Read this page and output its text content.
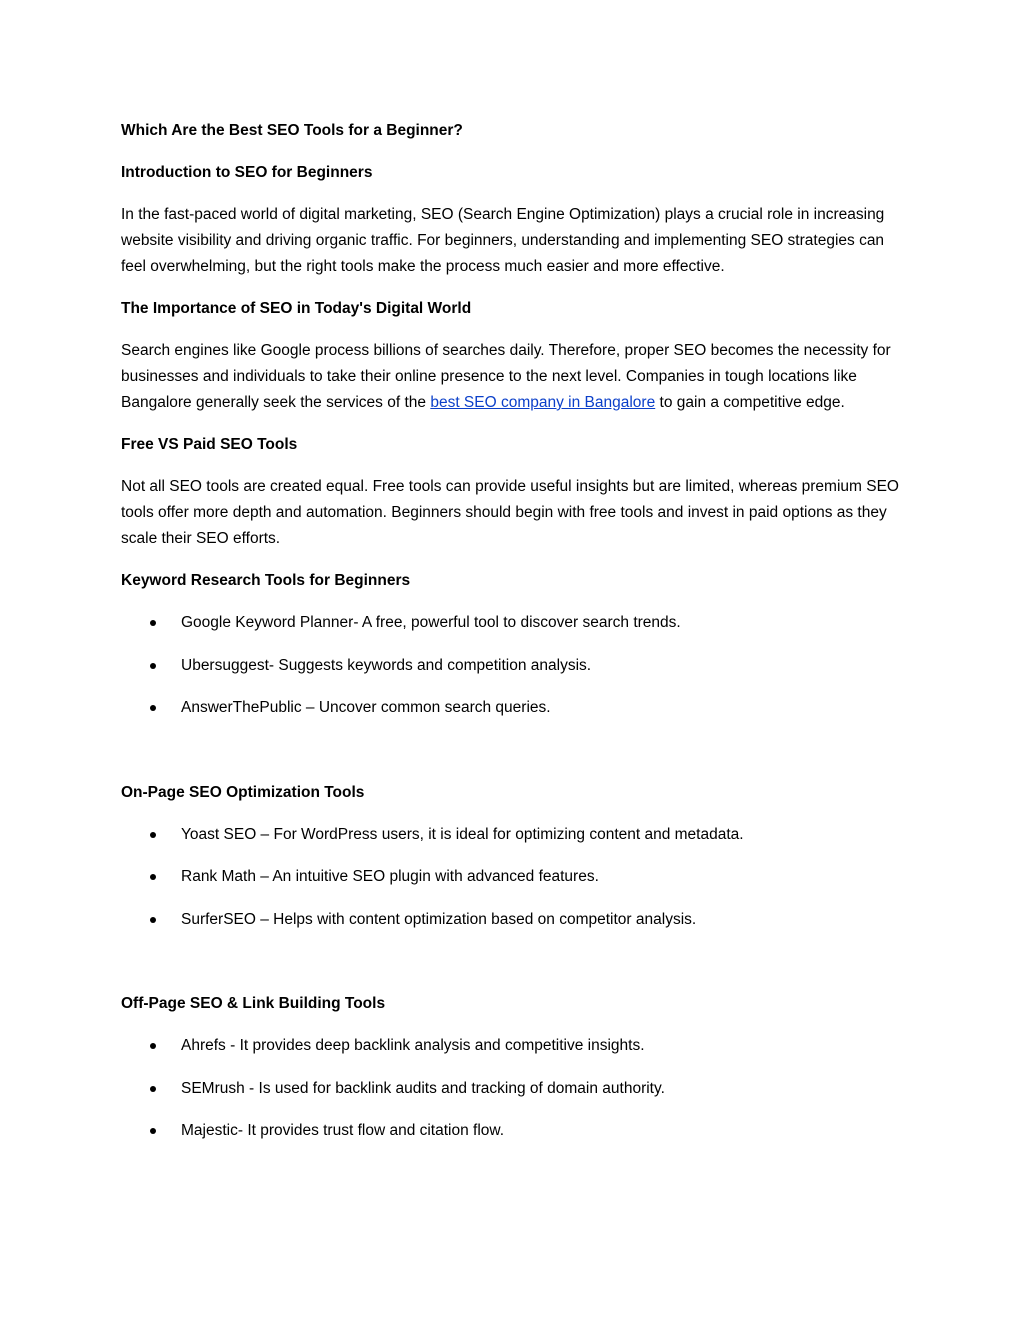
Which Are the Best SEO Tools for a Beginner?
Introduction to SEO for Beginners
In the fast-paced world of digital marketing, SEO (Search Engine Optimization) plays a crucial role in increasing website visibility and driving organic traffic. For beginners, understanding and implementing SEO strategies can feel overwhelming, but the right tools make the process much easier and more effective.
The Importance of SEO in Today's Digital World
Search engines like Google process billions of searches daily. Therefore, proper SEO becomes the necessity for businesses and individuals to take their online presence to the next level. Companies in tough locations like Bangalore generally seek the services of the best SEO company in Bangalore to gain a competitive edge.
Free VS Paid SEO Tools
Not all SEO tools are created equal. Free tools can provide useful insights but are limited, whereas premium SEO tools offer more depth and automation. Beginners should begin with free tools and invest in paid options as they scale their SEO efforts.
Keyword Research Tools for Beginners
Google Keyword Planner- A free, powerful tool to discover search trends.
Ubersuggest- Suggests keywords and competition analysis.
AnswerThePublic – Uncover common search queries.
On-Page SEO Optimization Tools
Yoast SEO – For WordPress users, it is ideal for optimizing content and metadata.
Rank Math – An intuitive SEO plugin with advanced features.
SurferSEO – Helps with content optimization based on competitor analysis.
Off-Page SEO & Link Building Tools
Ahrefs - It provides deep backlink analysis and competitive insights.
SEMrush - Is used for backlink audits and tracking of domain authority.
Majestic- It provides trust flow and citation flow.
